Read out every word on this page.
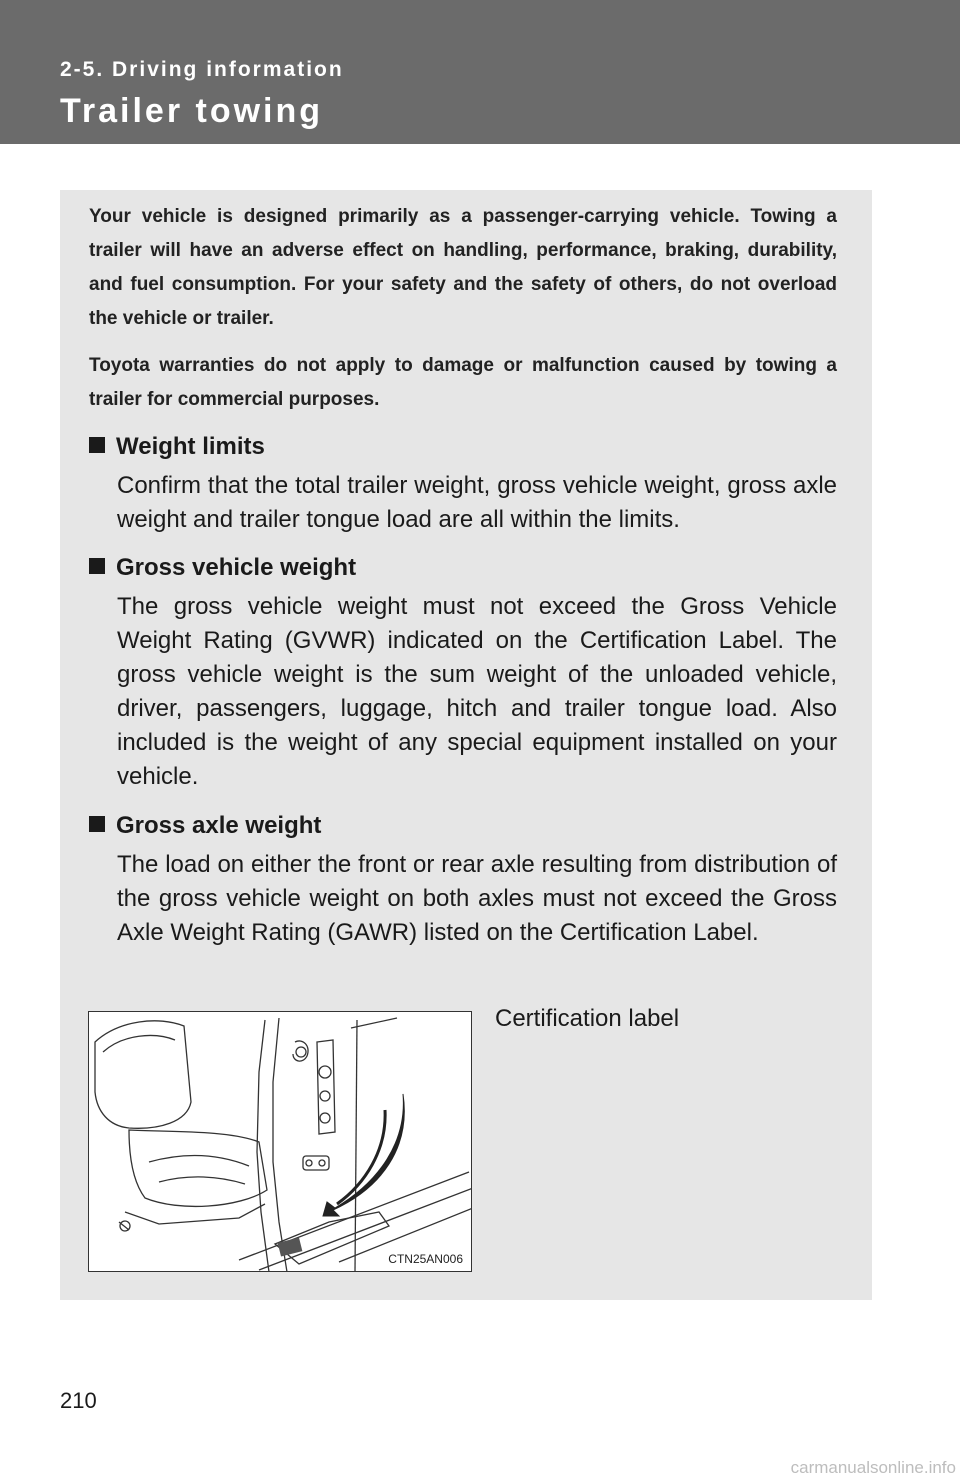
2-5. Driving information
Trailer towing
Your vehicle is designed primarily as a passenger-carrying vehicle. Towing a trailer will have an adverse effect on handling, performance, braking, durability, and fuel consumption. For your safety and the safety of others, do not overload the vehicle or trailer.
Toyota warranties do not apply to damage or malfunction caused by towing a trailer for commercial purposes.
Weight limits
Confirm that the total trailer weight, gross vehicle weight, gross axle weight and trailer tongue load are all within the limits.
Gross vehicle weight
The gross vehicle weight must not exceed the Gross Vehicle Weight Rating (GVWR) indicated on the Certification Label. The gross vehicle weight is the sum weight of the unloaded vehicle, driver, passengers, luggage, hitch and trailer tongue load. Also included is the weight of any special equipment installed on your vehicle.
Gross axle weight
The load on either the front or rear axle resulting from distribution of the gross vehicle weight on both axles must not exceed the Gross Axle Weight Rating (GAWR) listed on the Certification Label.
CTN25AN006
Certification label
210
carmanualsonline.info
